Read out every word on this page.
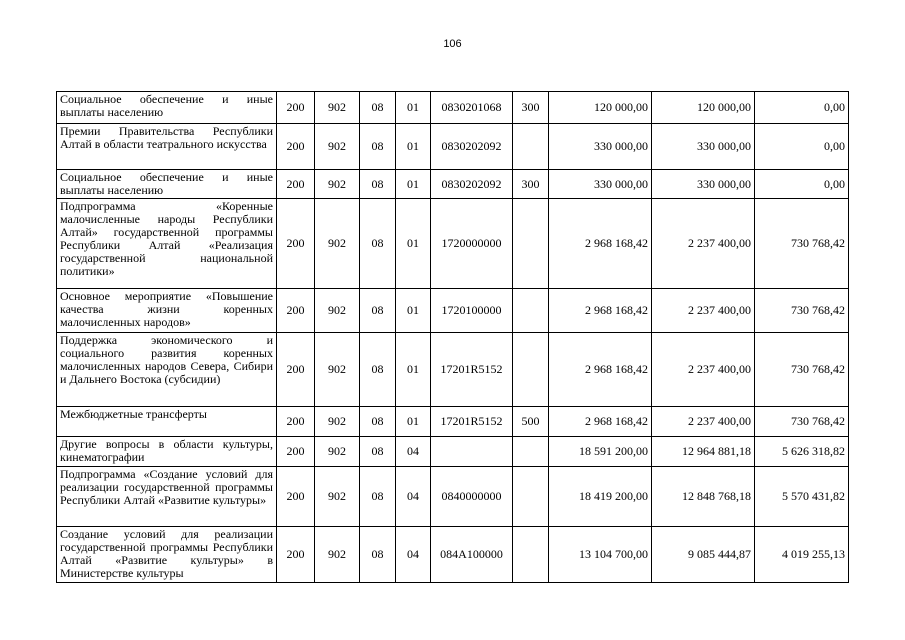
106
Социальное обеспечение и иные выплаты населению	200	902	08	01	0830201068	300	120 000,00	120 000,00	0,00
Премии Правительства Республики Алтай в области театрального искусства	200	902	08	01	0830202092		330 000,00	330 000,00	0,00
Социальное обеспечение и иные выплаты населению	200	902	08	01	0830202092	300	330 000,00	330 000,00	0,00
Подпрограмма «Коренные малочисленные народы Республики Алтай» государственной программы Республики Алтай «Реализация государственной национальной политики»	200	902	08	01	1720000000		2 968 168,42	2 237 400,00	730 768,42
Основное мероприятие «Повышение качества жизни коренных малочисленных народов»	200	902	08	01	1720100000		2 968 168,42	2 237 400,00	730 768,42
Поддержка экономического и социального развития коренных малочисленных народов Севера, Сибири и Дальнего Востока (субсидии)	200	902	08	01	17201R5152		2 968 168,42	2 237 400,00	730 768,42
Межбюджетные трансферты	200	902	08	01	17201R5152	500	2 968 168,42	2 237 400,00	730 768,42
Другие вопросы в области культуры, кинематографии	200	902	08	04			18 591 200,00	12 964 881,18	5 626 318,82
Подпрограмма «Создание условий для реализации государственной программы Республики Алтай «Развитие культуры»	200	902	08	04	0840000000		18 419 200,00	12 848 768,18	5 570 431,82
Создание условий для реализации государственной программы Республики Алтай «Развитие культуры» в Министерстве культуры	200	902	08	04	084A100000		13 104 700,00	9 085 444,87	4 019 255,13
